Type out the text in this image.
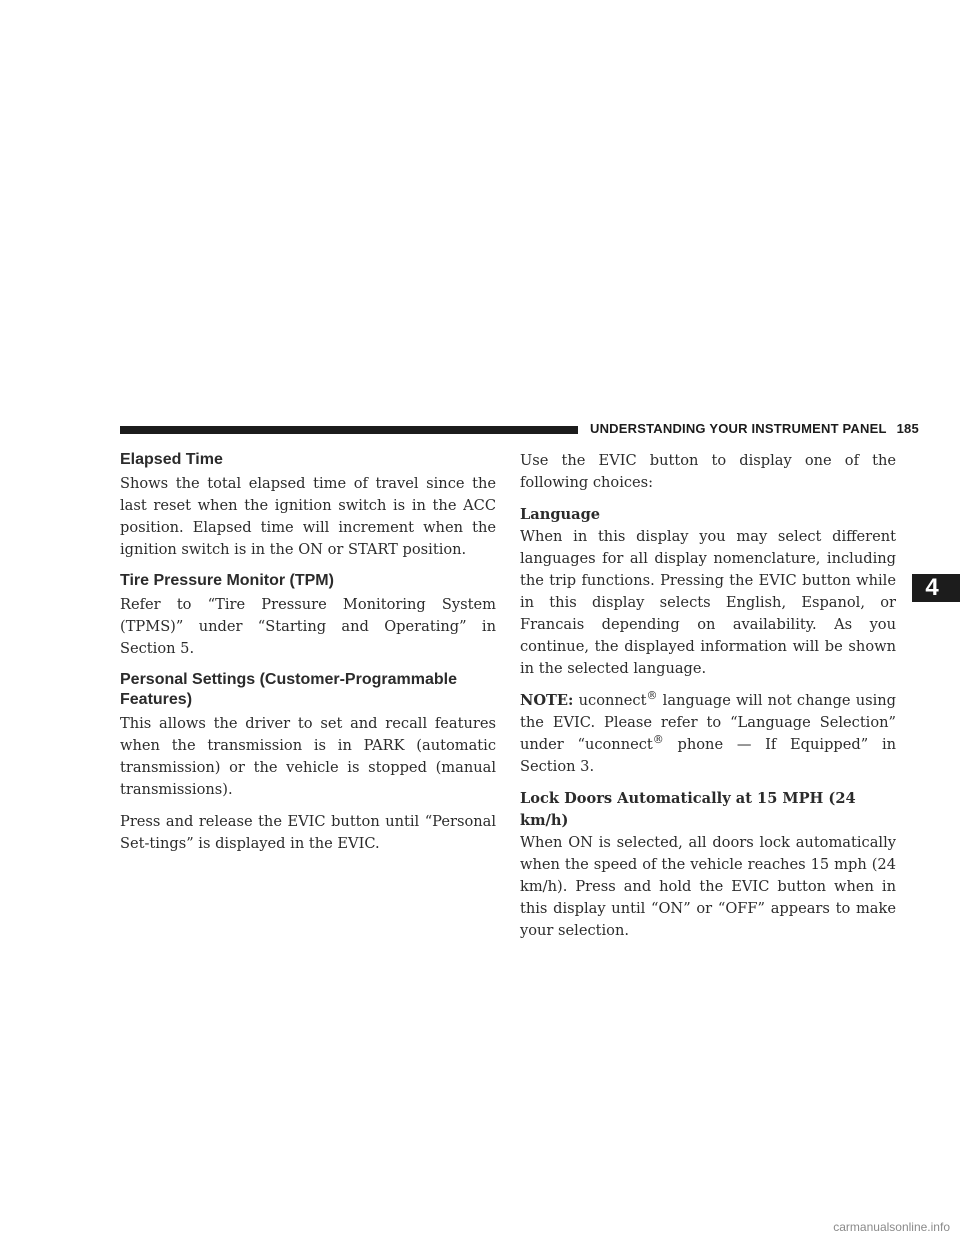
UNDERSTANDING YOUR INSTRUMENT PANEL 185
4
Elapsed Time

Shows the total elapsed time of travel since the last reset when the ignition switch is in the ACC position. Elapsed time will increment when the ignition switch is in the ON or START position.

Tire Pressure Monitor (TPM)

Refer to “Tire Pressure Monitoring System (TPMS)” under “Starting and Operating” in Section 5.

Personal Settings (Customer-Programmable Features)

This allows the driver to set and recall features when the transmission is in PARK (automatic transmission) or the vehicle is stopped (manual transmissions).

Press and release the EVIC button until “Personal Set-tings” is displayed in the EVIC.

Use the EVIC button to display one of the following choices:

Language

When in this display you may select different languages for all display nomenclature, including the trip functions. Pressing the EVIC button while in this display selects English, Espanol, or Francais depending on availability. As you continue, the displayed information will be shown in the selected language.

NOTE: uconnect® language will not change using the EVIC. Please refer to “Language Selection” under “uconnect® phone — If Equipped” in Section 3.

Lock Doors Automatically at 15 MPH (24 km/h)

When ON is selected, all doors lock automatically when the speed of the vehicle reaches 15 mph (24 km/h). Press and hold the EVIC button when in this display until “ON” or “OFF” appears to make your selection.

carmanualsonline.info
